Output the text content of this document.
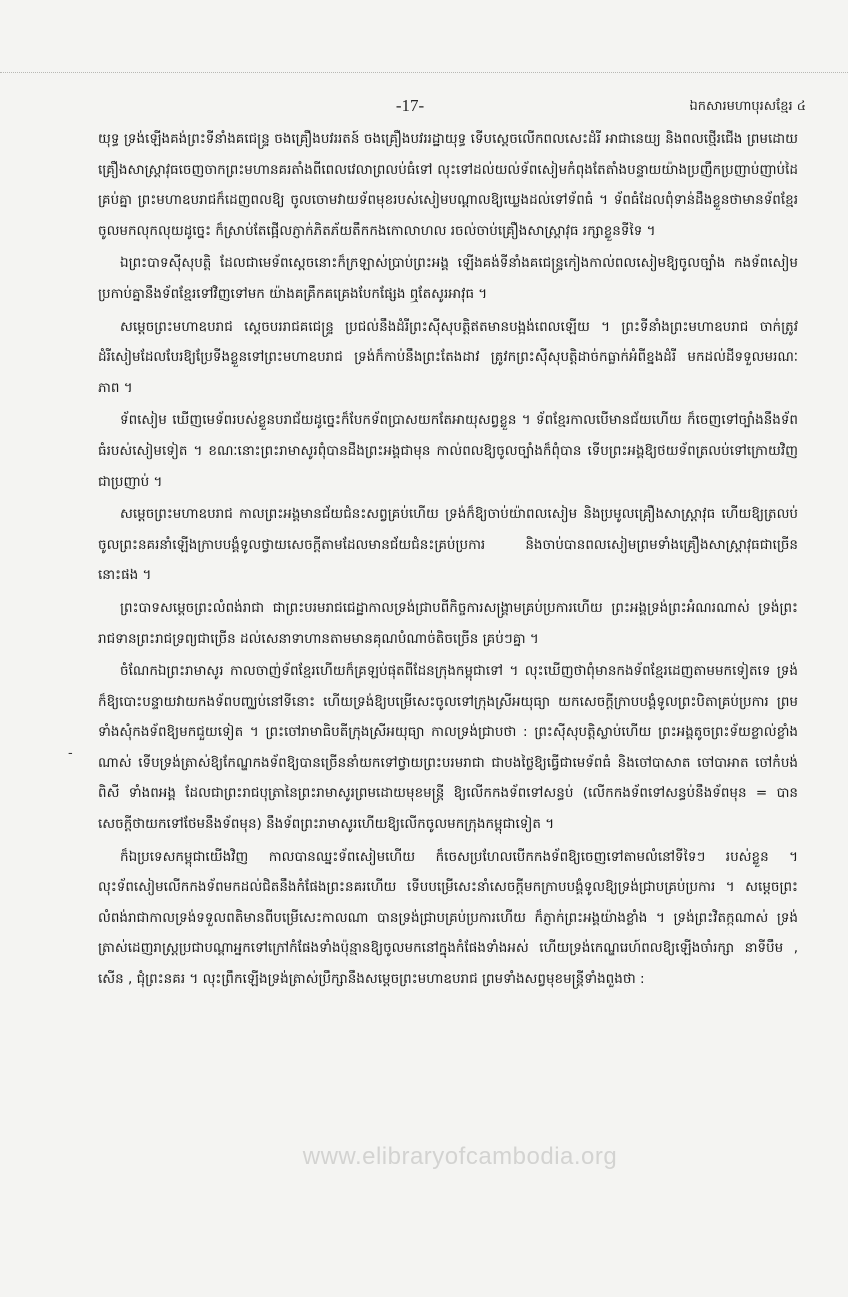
-17-	ឯកសារមហាបុរសខ្មែរ ៤
-

យុទ្ធ ទ្រង់ឡើងគង់ព្រះទីនាំងគជេន្ទ្រ ចងគ្រឿងបវររតន៍ ចងគ្រឿងបវររដ្ឋាយុទ្ធ ទើបស្តេចលើកពលសេះដំរី អាជានេយ្យ និងពលថ្មើរជើង ព្រមដោយគ្រឿងសាស្ត្រាវុធចេញចាកព្រះមហានគរតាំងពីពេលវេលាព្រលប់ធំទៅ លុះទៅដល់យល់ទ័ពសៀមកំពុងតែតាំងបន្ទាយយ៉ាងប្រញឹកប្រញាប់ញាប់ដៃគ្រប់គ្នា ព្រះមហាឧបរាជក៏ដេញពលឱ្យ ចូលចោមវាយទ័ពមុខរបស់សៀមបណ្តាលឱ្យឃ្លេងដល់ទៅទ័ពធំ ។ ទ័ពធំដែលពុំទាន់ដឹងខ្លួនថាមានទ័ពខ្មែរចូលមកលុកលុយដូច្នេះ ក៏ស្រាប់តែផ្អើលភ្ញាក់ភិតភ័យតឹកកងកោលាហល រចល់ចាប់គ្រឿងសាស្ត្រាវុធ រក្សាខ្លួនទីទៃ ។

ឯព្រះបាទស៊ីសុបត្តិ ដែលជាមេទ័ពស្ដេចនោះក៏ក្រឡាស់ប្រាប់ព្រះអង្គ ឡើងគង់ទីនាំងគជេន្ទ្រកៀងកាល់ពលសៀមឱ្យចូលច្បាំង កងទ័ពសៀមប្រកាប់គ្នានឹងទ័ពខ្មែរទៅវិញទៅមក យ៉ាងគគ្រឹកគគ្រេងបែកផ្សែង ឮតែសូរអាវុធ ។

សម្តេចព្រះមហាឧបរាជ ស្តេចបររាជគជេន្ទ្រ ប្រជល់នឹងដំរីព្រះស៊ីសុបត្តិឥតមានបង្អង់ពេលឡើយ ។ ព្រះទីនាំងព្រះមហាឧបរាជ ចាក់ត្រូវដំរីសៀមដែលបែរឱ្យប្រែទីងខ្លួនទៅព្រះមហាឧបរាជ ទ្រង់ក៏កាប់នឹងព្រះតែងដាវ ត្រូវកព្រះស៊ីសុបត្តិដាច់កធ្លាក់អំពីខ្នងដំរី មកដល់ដីទទួលមរណៈភាព ។

ទ័ពសៀម ឃើញមេទ័ពរបស់ខ្លួនបរាជ័យដូច្នេះក៏បែកទ័ពប្រាសយកតែអាយុសព្វខ្លួន ។ ទ័ពខ្មែរកាលបើមានជ័យហើយ ក៏ចេញទៅច្បាំងនឹងទ័ពធំរបស់សៀមទៀត ។ ខណៈនោះព្រះរាមាសូរពុំបានដឹងព្រះអង្គជាមុន កាល់ពលឱ្យចូលច្បាំងក៏ពុំបាន ទើបព្រះអង្គឱ្យថយទ័ពត្រលប់ទៅក្រោយវិញជាប្រញាប់ ។

សម្តេចព្រះមហាឧបរាជ កាលព្រះអង្គមានជ័យជំនះសព្វគ្រប់ហើយ ទ្រង់ក៏ឱ្យចាប់យ៉ាពលសៀម និងប្រមូលគ្រឿងសាស្ត្រាវុធ ហើយឱ្យត្រលប់ចូលព្រះនគរនាំឡើងក្រាបបង្គំទូលថ្វាយសេចក្តីតាមដែលមានជ័យជំនះគ្រប់ប្រការ និងចាប់បានពលសៀមព្រមទាំងគ្រឿងសាស្ត្រាវុធជាច្រើននោះផង ។

ព្រះបាទសម្តេចព្រះលំពង់រាជា ជាព្រះបរមរាជជេដ្ឋាកាលទ្រង់ជ្រាបពីកិច្ចការសង្គ្រាមគ្រប់ប្រការហើយ ព្រះអង្គទ្រង់ព្រះអំណរណាស់ ទ្រង់ព្រះរាជទានព្រះរាជទ្រព្យជាច្រើន ដល់សេនាទាហានតាមមានគុណបំណាច់តិចច្រើន គ្រប់ៗគ្នា ។

ចំណែកឯព្រះរាមាសូរ កាលចាញ់ទ័ពខ្មែរហើយក៏គ្រឡប់ផុតពីដែនក្រុងកម្ពុជាទៅ ។ លុះឃើញថាពុំមានកងទ័ពខ្មែរដេញតាមមកទៀតទេ ទ្រង់ក៏ឱ្យបោះបន្ទាយវាយកងទ័ពបញ្ឈប់នៅទីនោះ ហើយទ្រង់ឱ្យបម្រើសេះចូលទៅក្រុងស្រីអយុធ្យា យកសេចក្តីក្រាបបង្គំទូលព្រះបិតាគ្រប់ប្រការ ព្រមទាំងសុំកងទ័ពឱ្យមកជួយទៀត ។ ព្រះចៅរាមាធិបតីក្រុងស្រីអយុធ្យា កាលទ្រង់ជ្រាបថា : ព្រះស៊ីសុបត្តិស្លាប់ហើយ ព្រះអង្គតូចព្រះទ័យខ្លាល់ខ្លាំងណាស់ ទើបទ្រង់ត្រាស់ឱ្យកែណ្ឌកងទ័ពឱ្យបានច្រើននាំយកទៅថ្វាយព្រះបរមរាជា ជាបងថ្លៃឱ្យធ្វើជាមេទ័ពធំ និងចៅបាសាត ចៅបាអាត ចៅកំបង់ពិសី ទាំងពអង្គ ដែលជាព្រះរាជបុត្រានៃព្រះរាមាសូរព្រមដោយមុខមន្ត្រី ឱ្យលើកកងទ័ពទៅសន្ធប់ (លើកកងទ័ពទៅសន្ធប់នឹងទ័ពមុន = បានសេចក្តីថាយកទៅថែមនឹងទ័ពមុន) នឹងទ័ពព្រះរាមាសូរហើយឱ្យលើកចូលមកក្រុងកម្ពុជាទៀត ។

ក៏ឯប្រទេសកម្ពុជាយើងវិញ កាលបានឈ្នះទ័ពសៀមហើយ ក៏ចេសប្រហែលបើកកងទ័ពឱ្យចេញទៅតាមលំនៅទីទៃៗ របស់ខ្លួន ។ លុះទ័ពសៀមលើកកងទ័ពមកដល់ជិតនឹងកំផែងព្រះនគរហើយ ទើបបម្រើសេះនាំសេចក្តីមកក្រាបបង្គំទូលឱ្យទ្រង់ជ្រាបគ្រប់ប្រការ ។ សម្តេចព្រះលំពង់រាជាកាលទ្រង់ទទួលពតិមានពីបម្រើសេះកាលណា បានទ្រង់ជ្រាបគ្រប់ប្រការហើយ ក៏ភ្ញាក់ព្រះអង្គយ៉ាងខ្លាំង ។ ទ្រង់ព្រះវិតក្កណាស់ ទ្រង់ត្រាស់ដេញរាស្ត្រប្រជាបណ្តាអ្នកទៅក្រៅកំផែងទាំងប៉ុន្មានឱ្យចូលមកនៅក្នុងកំផែងទាំងអស់ ហើយទ្រង់កេណ្ឌរេហ៍ពលឱ្យឡើងចាំរក្សា នាទីបឹម , សើន , ជុំព្រះនគរ ។ លុះព្រឹកឡើងទ្រង់ត្រាស់ប្រឹក្សានឹងសម្តេចព្រះមហាឧបរាជ ព្រមទាំងសព្វមុខមន្ត្រីទាំងពួងថា :

www.elibraryofcambodia.org
